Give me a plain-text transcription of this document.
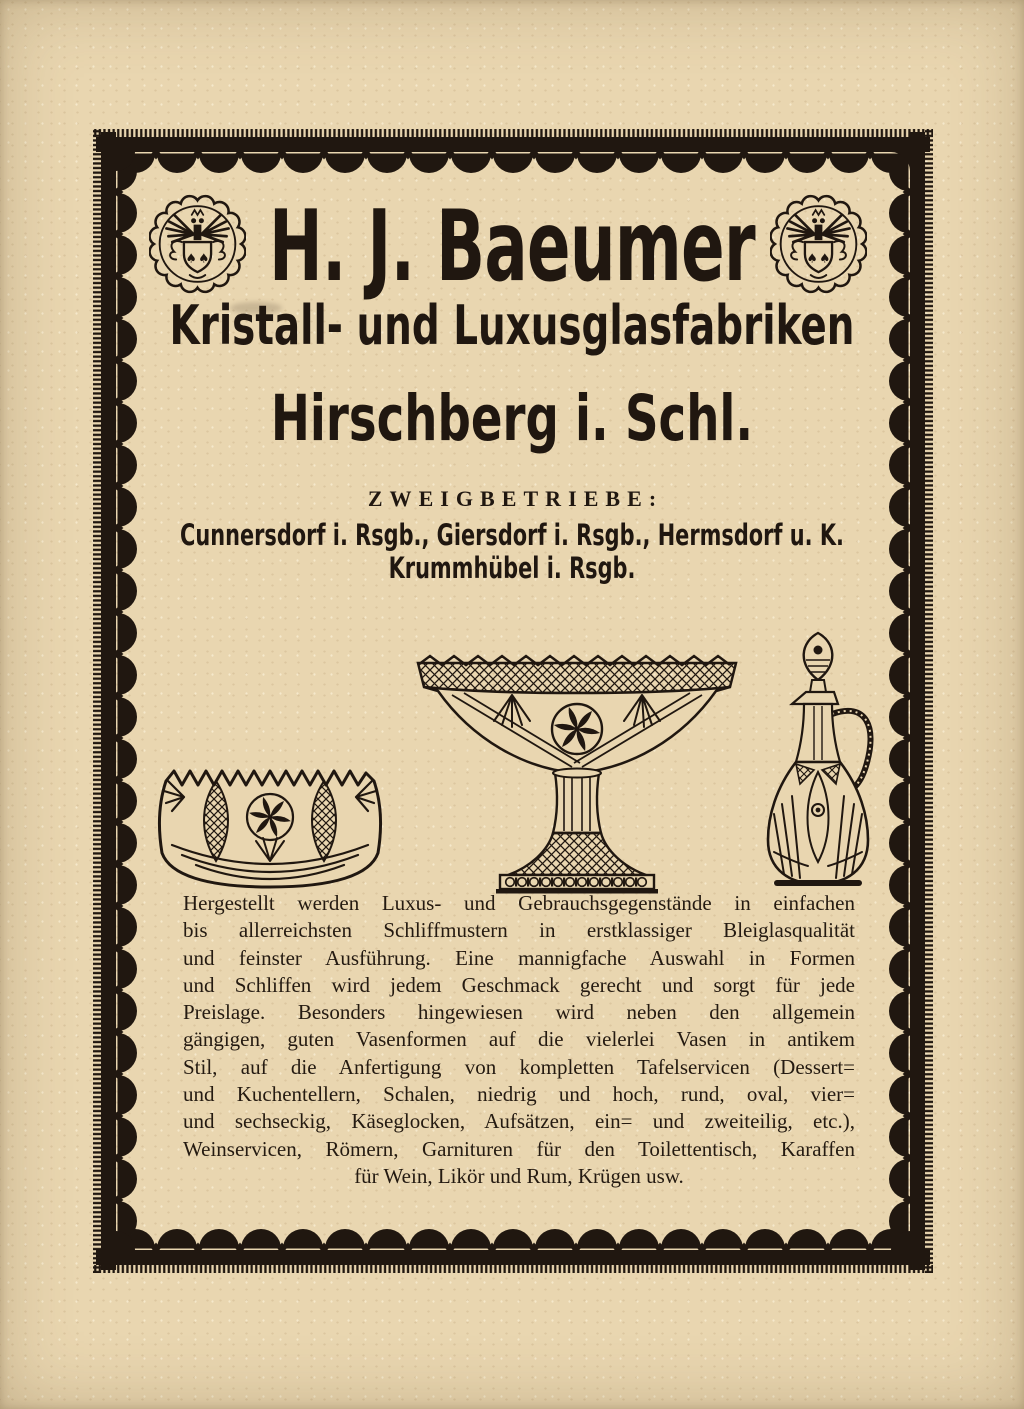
♠ ♠	♠ ♠
H. J. Baeumer
Kristall- und Luxusglasfabriken
Hirschberg i. Schl.
ZWEIGBETRIEBE:
Cunnersdorf i. Rsgb., Giersdorf i. Rsgb., Hermsdorf u. K.
Krummhübel i. Rsgb.
Hergestellt werden Luxus- und Gebrauchsgegenstände in einfachen
bis allerreichsten Schliffmustern in erstklassiger Bleiglasqualität
und feinster Ausführung. Eine mannigfache Auswahl in Formen
und Schliffen wird jedem Geschmack gerecht und sorgt für jede
Preislage. Besonders hingewiesen wird neben den allgemein
gängigen, guten Vasenformen auf die vielerlei Vasen in antikem
Stil, auf die Anfertigung von kompletten Tafelservicen (Dessert=
und Kuchentellern, Schalen, niedrig und hoch, rund, oval, vier=
und sechseckig, Käseglocken, Aufsätzen, ein= und zweiteilig, etc.),
Weinservicen, Römern, Garnituren für den Toilettentisch, Karaffen
für Wein, Likör und Rum, Krügen usw.
